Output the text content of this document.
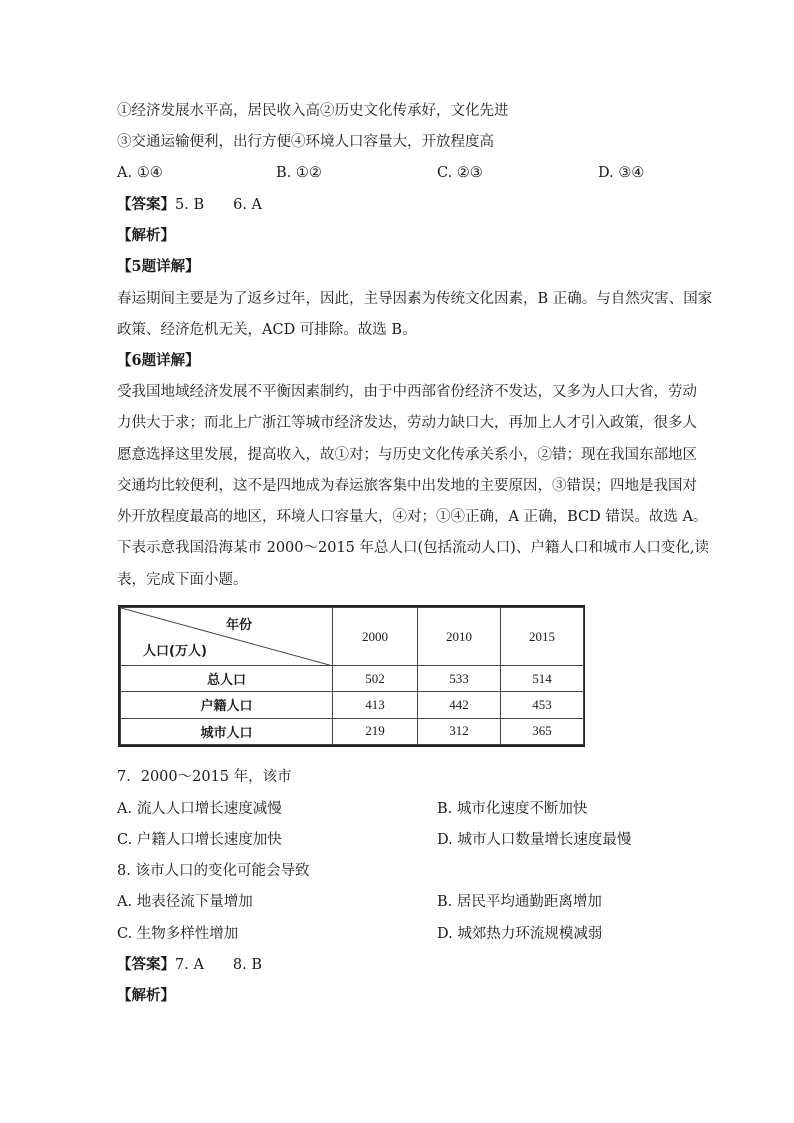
①经济发展水平高，居民收入高②历史文化传承好，文化先进
③交通运输便利，出行方便④环境人口容量大，开放程度高
A. ①④	B. ①②	C. ②③	D. ③④
【答案】5. B　　6. A
【解析】
【5题详解】
春运期间主要是为了返乡过年，因此，主导因素为传统文化因素，B 正确。与自然灾害、国家
政策、经济危机无关，ACD 可排除。故选 B。
【6题详解】
受我国地域经济发展不平衡因素制约，由于中西部省份经济不发达，又多为人口大省，劳动
力供大于求；而北上广浙江等城市经济发达，劳动力缺口大，再加上人才引入政策，很多人
愿意选择这里发展，提高收入，故①对；与历史文化传承关系小，②错；现在我国东部地区
交通均比较便利，这不是四地成为春运旅客集中出发地的主要原因，③错误；四地是我国对
外开放程度最高的地区，环境人口容量大，④对；①④正确，A 正确，BCD 错误。故选 A。
下表示意我国沿海某市 2000～2015 年总人口(包括流动人口)、户籍人口和城市人口变化,读
表，完成下面小题。
年份
人口(万人)	2000	2010	2015
总人口	502	533	514
户籍人口	413	442	453
城市人口	219	312	365
7．2000～2015 年，该市
A. 流人人口增长速度减慢	B. 城市化速度不断加快
C. 户籍人口增长速度加快	D. 城市人口数量增长速度最慢
8. 该市人口的变化可能会导致
A. 地表径流下量增加	B. 居民平均通勤距离增加
C. 生物多样性增加	D. 城郊热力环流规模减弱
【答案】7. A　　8. B
【解析】
